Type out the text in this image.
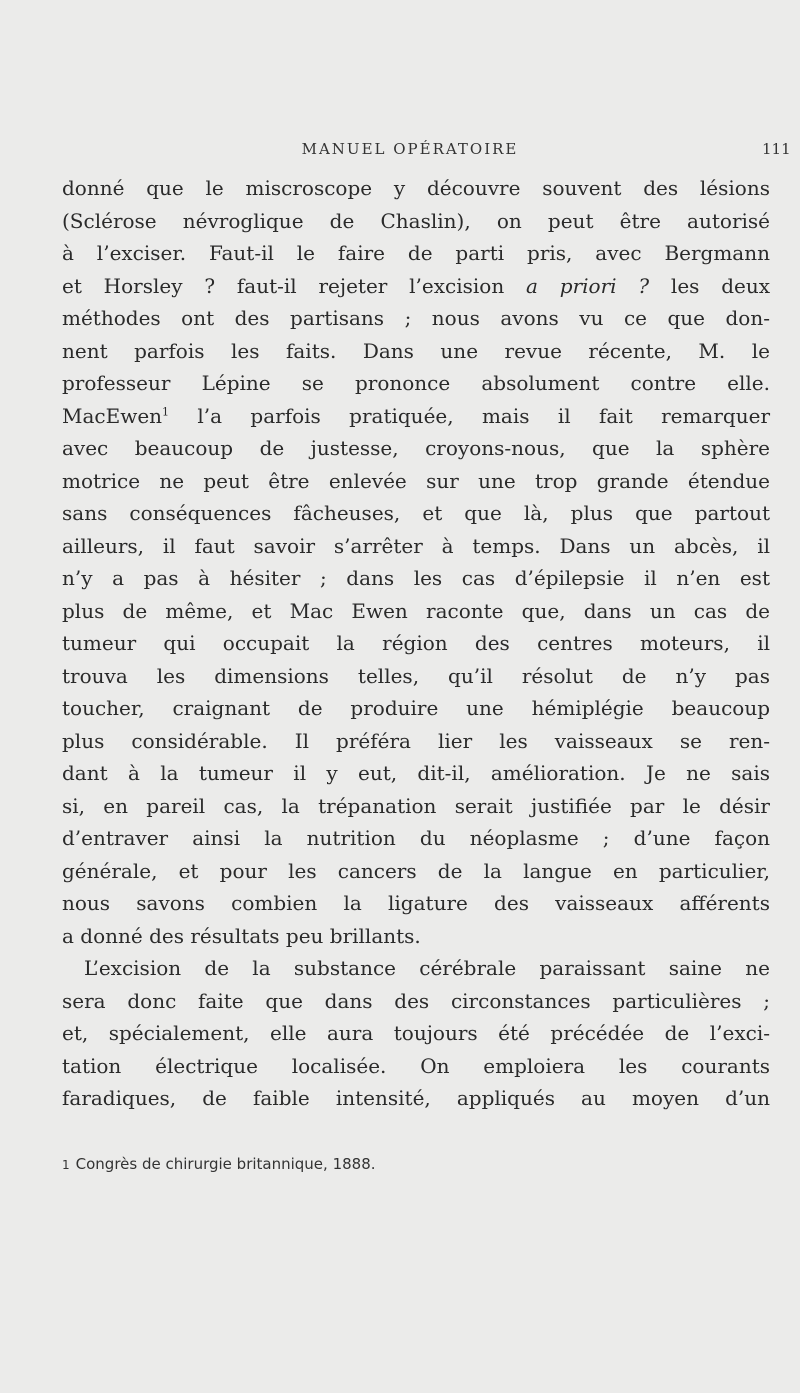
MANUEL OPÉRATOIRE	111
donné que le miscroscope y découvre souvent des lésions
(Sclérose névroglique de Chaslin), on peut être autorisé
à l’exciser. Faut-il le faire de parti pris, avec Bergmann
et Horsley ? faut-il rejeter l’excision a priori ? les deux
méthodes ont des partisans ; nous avons vu ce que don-
nent parfois les faits. Dans une revue récente, M. le
professeur Lépine se prononce absolument contre elle.
MacEwen$^1$ l’a parfois pratiquée, mais il fait remarquer
avec beaucoup de justesse, croyons-nous, que la sphère
motrice ne peut être enlevée sur une trop grande étendue
sans conséquences fâcheuses, et que là, plus que partout
ailleurs, il faut savoir s’arrêter à temps. Dans un abcès, il
n’y a pas à hésiter ; dans les cas d’épilepsie il n’en est
plus de même, et Mac Ewen raconte que, dans un cas de
tumeur qui occupait la région des centres moteurs, il
trouva les dimensions telles, qu’il résolut de n’y pas
toucher, craignant de produire une hémiplégie beaucoup
plus considérable. Il préféra lier les vaisseaux se ren-
dant à la tumeur il y eut, dit-il, amélioration. Je ne sais
si, en pareil cas, la trépanation serait justifiée par le désir
d’entraver ainsi la nutrition du néoplasme ; d’une façon
générale, et pour les cancers de la langue en particulier,
nous savons combien la ligature des vaisseaux afférents
a donné des résultats peu brillants.
L’excision de la substance cérébrale paraissant saine ne
sera donc faite que dans des circonstances particulières ;
et, spécialement, elle aura toujours été précédée de l’exci-
tation électrique localisée. On emploiera les courants
faradiques, de faible intensité, appliqués au moyen d’un
1 Congrès de chirurgie britannique, 1888.
